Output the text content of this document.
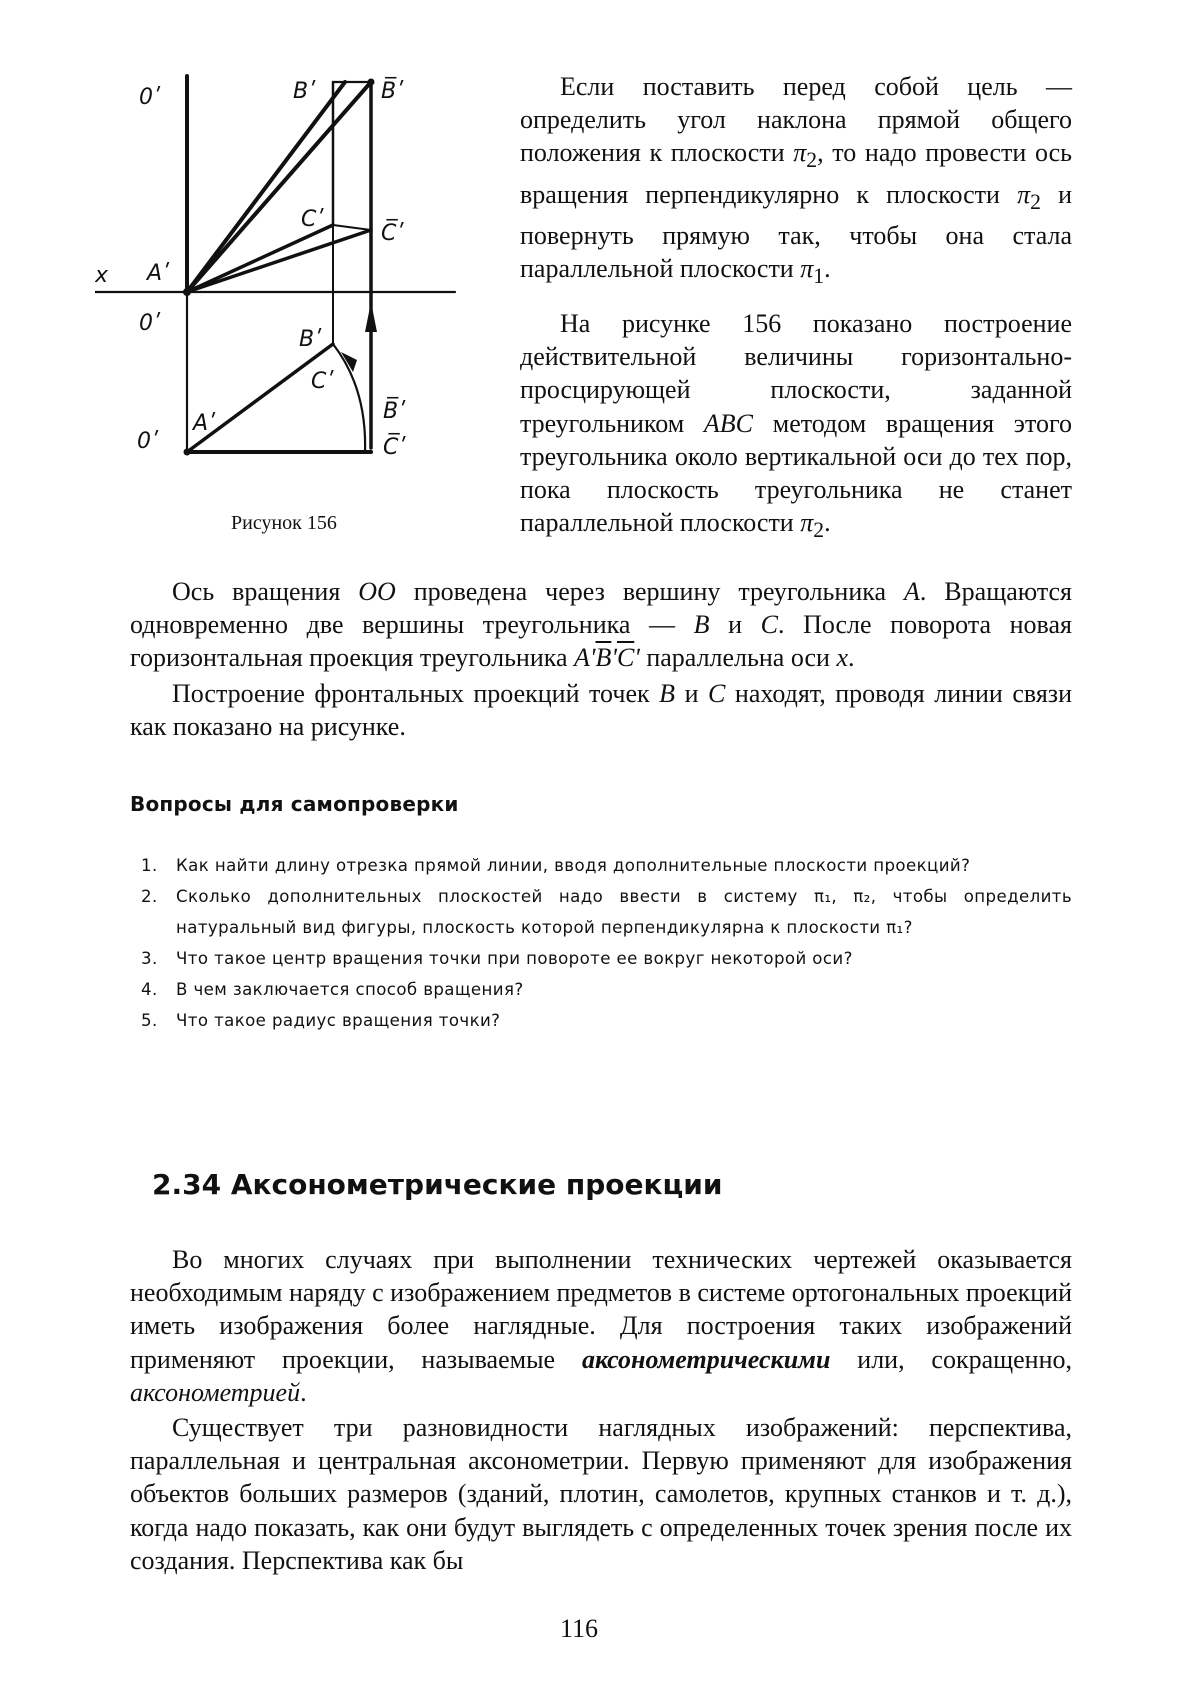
0ʹ	Bʹ	B̅ʹ
Cʹ
C̅ʹ
x Aʹ
0ʹ
Bʹ
Cʹ
B̅ʹ
0ʹ
Aʹ
C̅ʹ
Рисунок 156

Если поставить перед собой цель — определить угол наклона прямой общего положения к плоскости $\pi_2$, то надо провести ось вращения перпендикулярно к плоскости $\pi_2$ и повернуть прямую так, чтобы она стала параллельной плоскости $\pi_1$.

На рисунке 156 показано построение действительной величины горизонтально-просцирующей плоскости, заданной треугольником ABC методом вращения этого треугольника около вертикальной оси до тех пор, пока плоскость треугольника не станет параллельной плоскости $\pi_2$.

Ось вращения OO проведена через вершину треугольника A. Вращаются одновременно две вершины треугольника — B и C. После поворота новая горизонтальная проекция треугольника $Aʹ\overline{B}ʹ\overline{C}ʹ$ параллельна оси x.

Построение фронтальных проекций точек B и C находят, проводя линии связи как показано на рисунке.

Вопросы для самопроверки
1. Как найти длину отрезка прямой линии, вводя дополнительные плоскости проекций?
2. Сколько дополнительных плоскостей надо ввести в систему π₁, π₂, чтобы определить натуральный вид фигуры, плоскость которой перпендикулярна к плоскости π₁?
3. Что такое центр вращения точки при повороте ее вокруг некоторой оси?
4. В чем заключается способ вращения?
5. Что такое радиус вращения точки?
2.34 Аксонометрические проекции

Во многих случаях при выполнении технических чертежей оказывается необходимым наряду с изображением предметов в системе ортогональных проекций иметь изображения более наглядные. Для построения таких изображений применяют проекции, называемые аксонометрическими или, сокращенно, аксонометрией.

Существует три разновидности наглядных изображений: перспектива, параллельная и центральная аксонометрии. Первую применяют для изображения объектов больших размеров (зданий, плотин, самолетов, крупных станков и т. д.), когда надо показать, как они будут выглядеть с определенных точек зрения после их создания. Перспектива как бы

116
